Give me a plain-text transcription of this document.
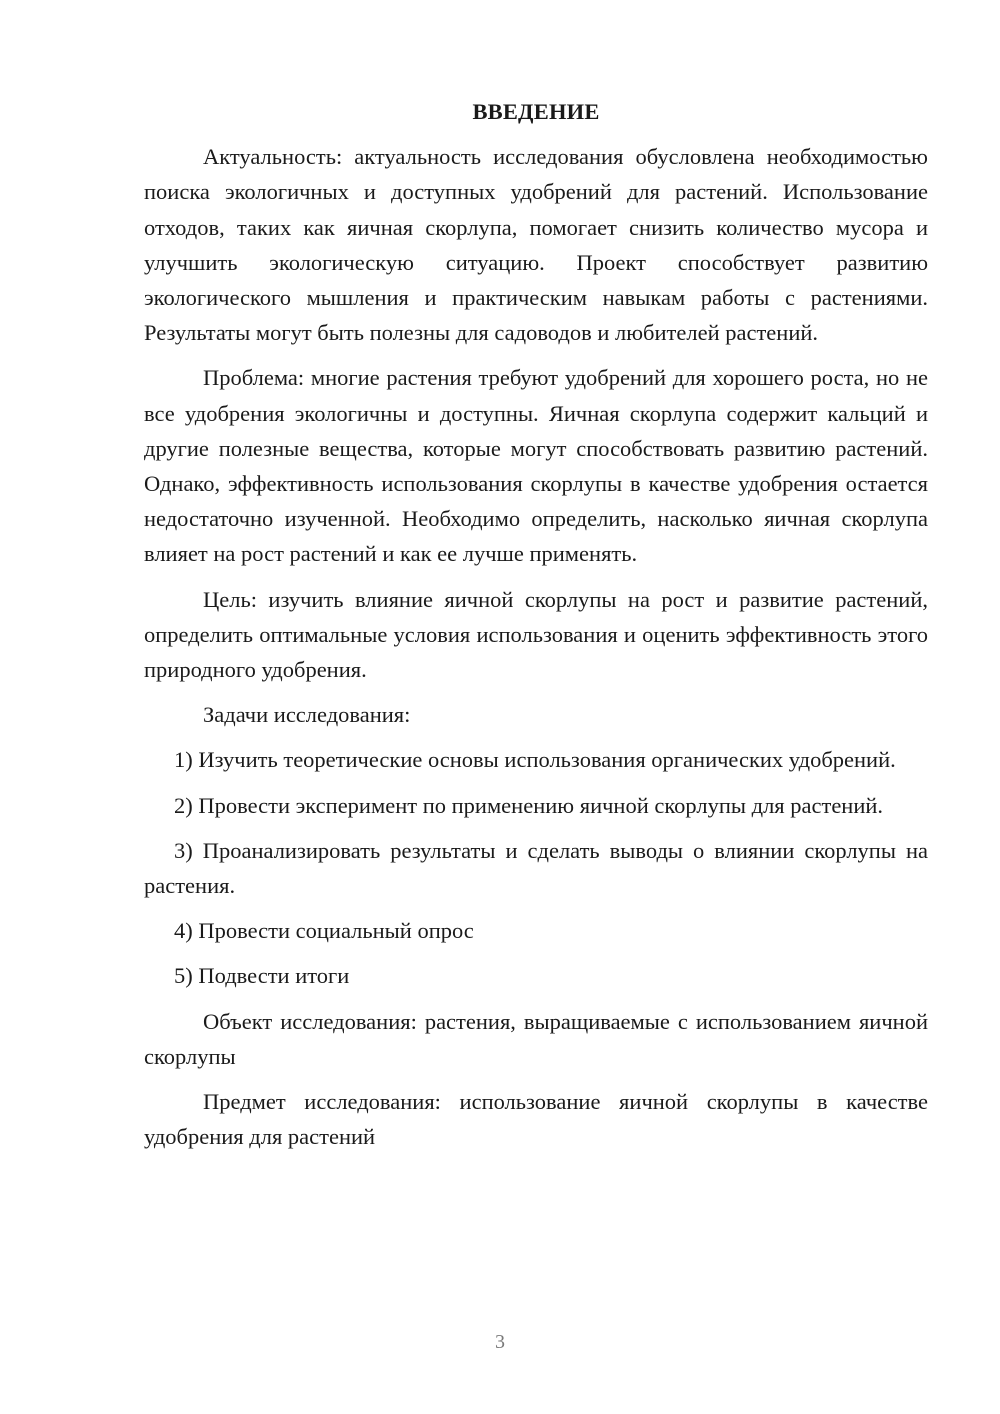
ВВЕДЕНИЕ

Актуальность: актуальность исследования обусловлена необходимостью поиска экологичных и доступных удобрений для растений. Использование отходов, таких как яичная скорлупа, помогает снизить количество мусора и улучшить экологическую ситуацию. Проект способствует развитию экологического мышления и практическим навыкам работы с растениями. Результаты могут быть полезны для садоводов и любителей растений.

Проблема: многие растения требуют удобрений для хорошего роста, но не все удобрения экологичны и доступны. Яичная скорлупа содержит кальций и другие полезные вещества, которые могут способствовать развитию растений. Однако, эффективность использования скорлупы в качестве удобрения остается недостаточно изученной. Необходимо определить, насколько яичная скорлупа влияет на рост растений и как ее лучше применять.

Цель: изучить влияние яичной скорлупы на рост и развитие растений, определить оптимальные условия использования и оценить эффективность этого природного удобрения.

Задачи исследования:

1) Изучить теоретические основы использования органических удобрений.

2) Провести эксперимент по применению яичной скорлупы для растений.

3) Проанализировать результаты и сделать выводы о влиянии скорлупы на растения.

4) Провести социальный опрос

5) Подвести итоги

Объект исследования: растения, выращиваемые с использованием яичной скорлупы

Предмет исследования: использование яичной скорлупы в качестве удобрения для растений

3
